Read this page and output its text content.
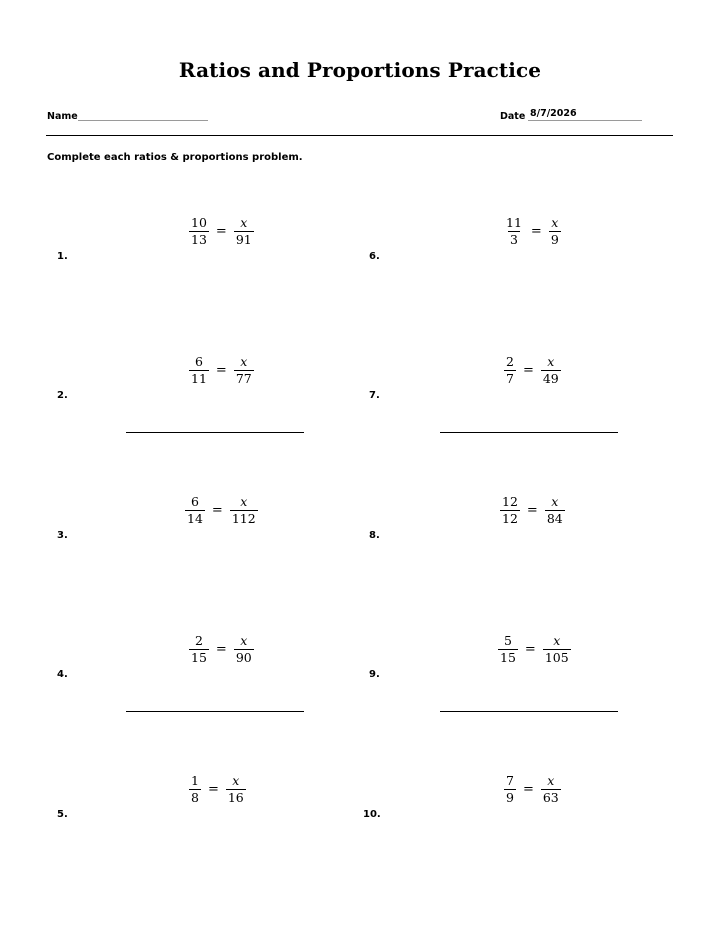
Ratios and Proportions Practice
Name	Date 8/7/2026
Complete each ratios & proportions problem.
1.
$\frac{10}{13} = \frac{x}{91}$
2.
$\frac{6}{11} = \frac{x}{77}$
3.
$\frac{6}{14} = \frac{x}{112}$
4.
$\frac{2}{15} = \frac{x}{90}$
5.
$\frac{1}{8} = \frac{x}{16}$
6.
$\frac{11}{3} = \frac{x}{9}$
7.
$\frac{2}{7} = \frac{x}{49}$
8.
$\frac{12}{12} = \frac{x}{84}$
9.
$\frac{5}{15} = \frac{x}{105}$
10.
$\frac{7}{9} = \frac{x}{63}$
